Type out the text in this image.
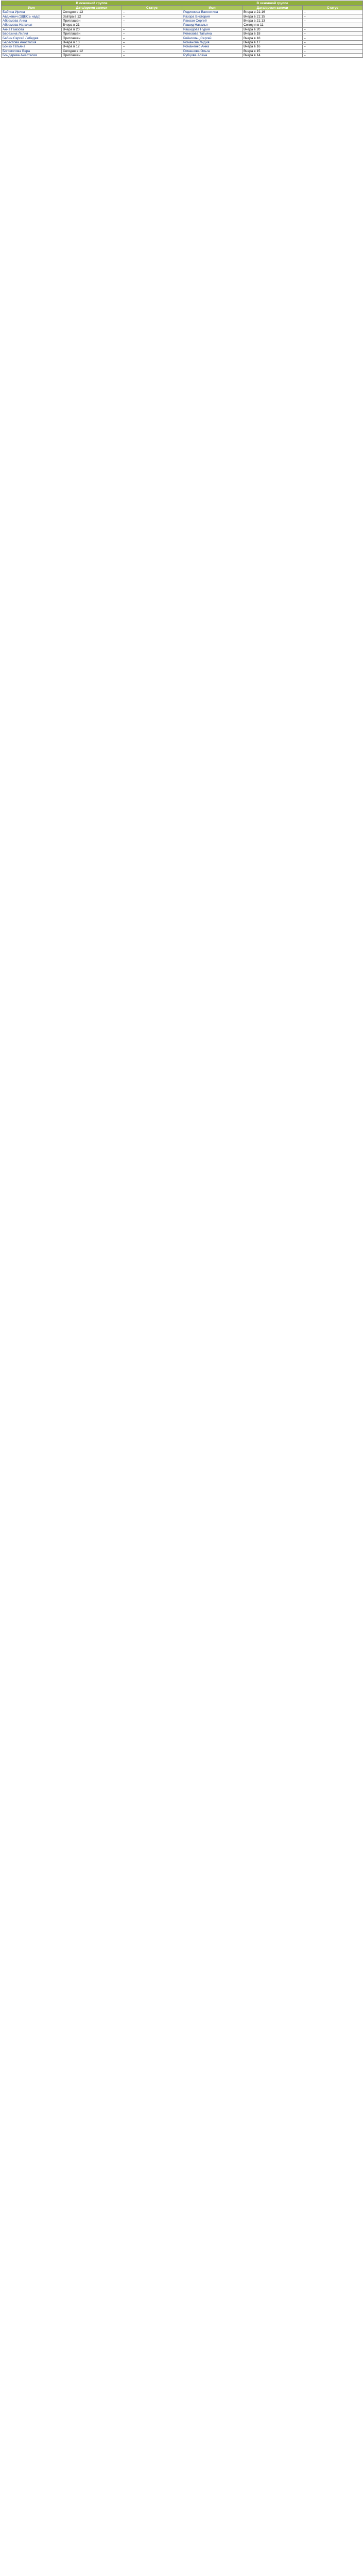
В основной группе			В основной группе		
Имя	Дата/время записи	Статус	Имя	Дата/время записи	Статус
Бабина Ирина	Сегодня в 13	–	Родионова Валентина	Вчера в 21:16	–
Авдиевич (ЗДЕСЬ надо)	Завтра в 12	–	Разора Виктория	Вчера в 21:15	–
Абрамова Анна	Приглашен	–	Рамзан Сергей	Вчера в 21:13	–
Абрамова Наталья	Вчера в 21	–	Рашид Наталья	Сегодня в 11	–
Анна Гамзова	Вчера в 20	–	Рашидова Нурия	Вчера в 20	–
Березина Лилия	Приглашен	–	Ремизова Татьяна	Вчера в 18	–
Бабин Сергей Лебедев	Приглашен	–	Рейнгольц Сергей	Вчера в 18	–
Берестова Анастасия	Вчера в 13	–	Романова Лидия	Вчера в 17	–
Бойко Татьяна	Вчера в 12	–	Романенко Анна	Вчера в 16	–
Богомолова Вера	Сегодня в 12	–	Ромашова Ольга	Вчера в 15	–
Бондарева Анастасия	Приглашен	–	Рубцова Алёна	Вчера в 14	–
